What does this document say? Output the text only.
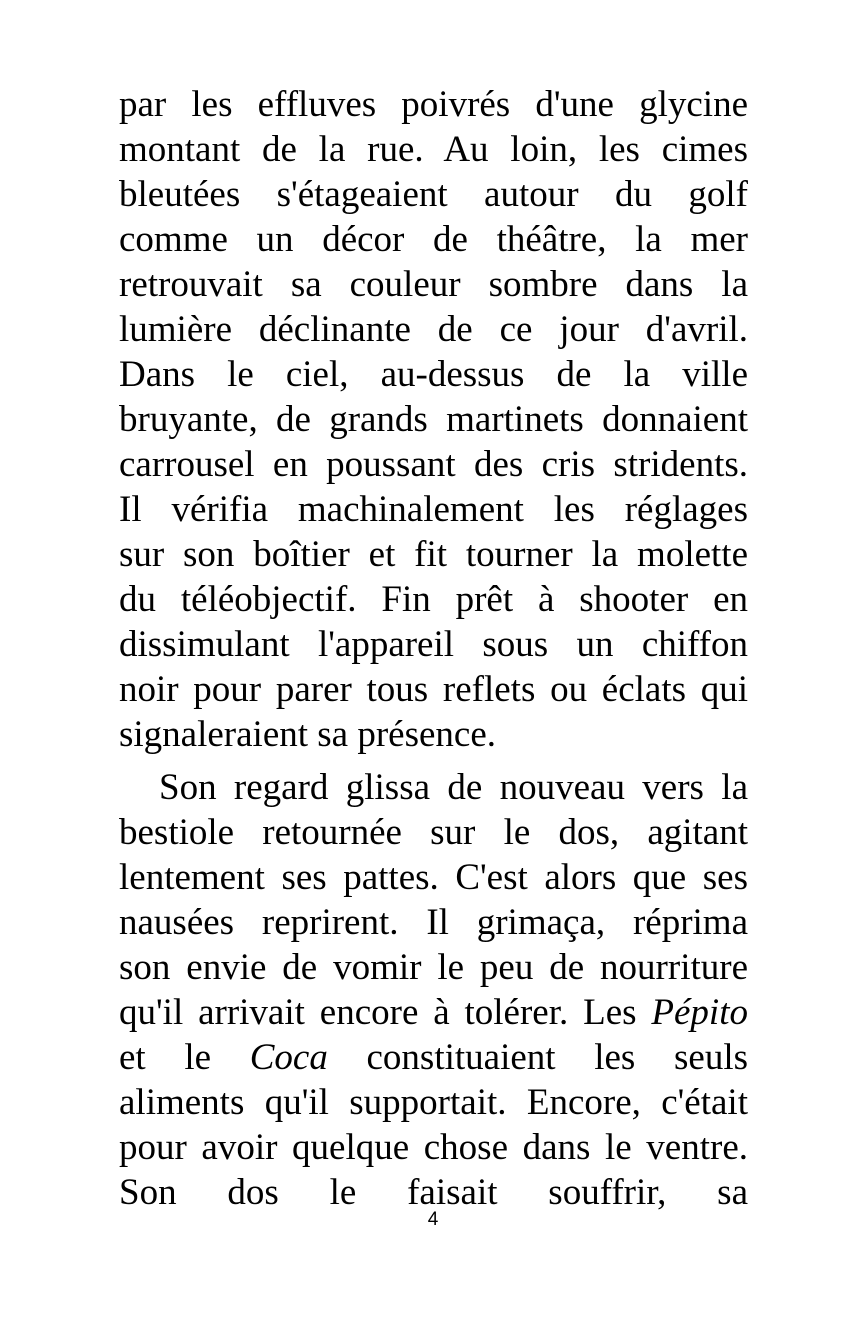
par les effluves poivrés d'une glycine
montant de la rue. Au loin, les cimes
bleutées s'étageaient autour du golf
comme un décor de théâtre, la mer
retrouvait sa couleur sombre dans la
lumière déclinante de ce jour d'avril.
Dans le ciel, au-dessus de la ville
bruyante, de grands martinets donnaient
carrousel en poussant des cris stridents.
Il vérifia machinalement les réglages
sur son boîtier et fit tourner la molette
du téléobjectif. Fin prêt à shooter en
dissimulant l'appareil sous un chiffon
noir pour parer tous reflets ou éclats qui
signaleraient sa présence.
Son regard glissa de nouveau vers la
bestiole retournée sur le dos, agitant
lentement ses pattes. C'est alors que ses
nausées reprirent. Il grimaça, réprima
son envie de vomir le peu de nourriture
qu'il arrivait encore à tolérer. Les Pépito
et le Coca constituaient les seuls
aliments qu'il supportait. Encore, c'était
pour avoir quelque chose dans le ventre.
Son dos le faisait souffrir, sa
4
